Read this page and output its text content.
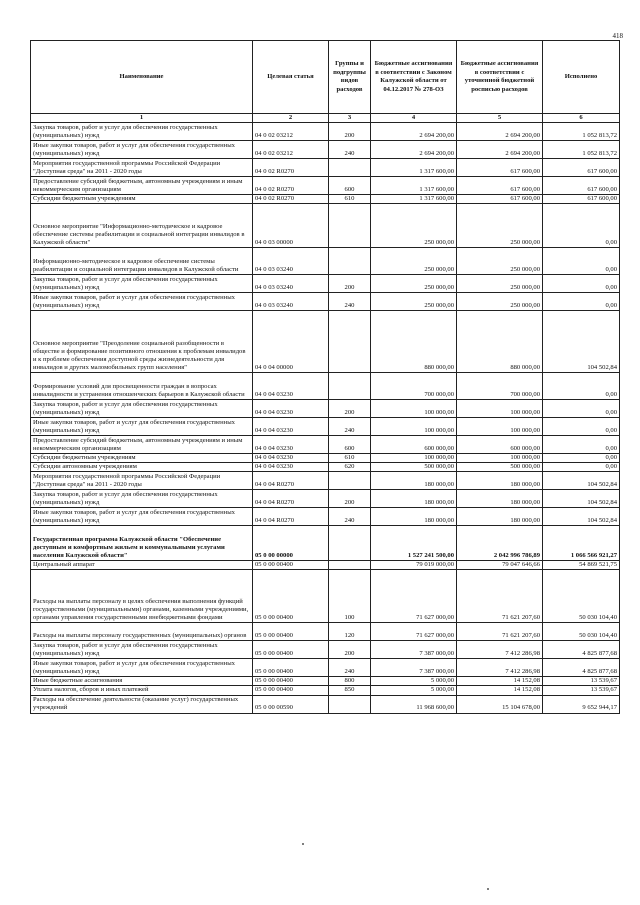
418
Наименование	Целевая статья	Группы и подгруппы видов расходов	Бюджетные ассигнования в соответствии с Законом Калужской области от 04.12.2017 № 278-ОЗ	Бюджетные ассигнования в соответствии с уточненной бюджетной росписью расходов	Исполнено
1	2	3	4	5	6
Закупка товаров, работ и услуг для обеспечения государственных (муниципальных) нужд	04 0 02 03212	200	2 694 200,00	2 694 200,00	1 052 813,72
Иные закупки товаров, работ и услуг для обеспечения государственных (муниципальных) нужд	04 0 02 03212	240	2 694 200,00	2 694 200,00	1 052 813,72
Мероприятия государственной программы Российской Федерации "Доступная среда" на 2011 - 2020 годы	04 0 02 R0270		1 317 600,00	617 600,00	617 600,00
Предоставление субсидий бюджетным, автономным учреждениям и иным некоммерческим организациям	04 0 02 R0270	600	1 317 600,00	617 600,00	617 600,00
Субсидии бюджетным учреждениям	04 0 02 R0270	610	1 317 600,00	617 600,00	617 600,00
Основное мероприятие "Информационно-методическое и кадровое обеспечение системы реабилитации и социальной интеграции инвалидов в Калужской области"	04 0 03 00000		250 000,00	250 000,00	0,00
Информационно-методическое и кадровое обеспечение системы реабилитации и социальной интеграции инвалидов в Калужской области	04 0 03 03240		250 000,00	250 000,00	0,00
Закупка товаров, работ и услуг для обеспечения государственных (муниципальных) нужд	04 0 03 03240	200	250 000,00	250 000,00	0,00
Иные закупки товаров, работ и услуг для обеспечения государственных (муниципальных) нужд	04 0 03 03240	240	250 000,00	250 000,00	0,00
Основное мероприятие "Преодоление социальной разобщенности в обществе и формирование позитивного отношения к проблемам инвалидов и к проблеме обеспечения доступной среды жизнедеятельности для инвалидов и других маломобильных групп населения"	04 0 04 00000		880 000,00	880 000,00	104 502,84
Формирование условий для просвещенности граждан в вопросах инвалидности и устранения отношенческих барьеров в Калужской области	04 0 04 03230		700 000,00	700 000,00	0,00
Закупка товаров, работ и услуг для обеспечения государственных (муниципальных) нужд	04 0 04 03230	200	100 000,00	100 000,00	0,00
Иные закупки товаров, работ и услуг для обеспечения государственных (муниципальных) нужд	04 0 04 03230	240	100 000,00	100 000,00	0,00
Предоставление субсидий бюджетным, автономным учреждениям и иным некоммерческим организациям	04 0 04 03230	600	600 000,00	600 000,00	0,00
Субсидии бюджетным учреждениям	04 0 04 03230	610	100 000,00	100 000,00	0,00
Субсидии автономным учреждениям	04 0 04 03230	620	500 000,00	500 000,00	0,00
Мероприятия государственной программы Российской Федерации "Доступная среда" на 2011 - 2020 годы	04 0 04 R0270		180 000,00	180 000,00	104 502,84
Закупка товаров, работ и услуг для обеспечения государственных (муниципальных) нужд	04 0 04 R0270	200	180 000,00	180 000,00	104 502,84
Иные закупки товаров, работ и услуг для обеспечения государственных (муниципальных) нужд	04 0 04 R0270	240	180 000,00	180 000,00	104 502,84
Государственная программа Калужской области "Обеспечение доступным и комфортным жильем и коммунальными услугами населения Калужской области"	05 0 00 00000		1 527 241 500,00	2 042 996 786,89	1 066 566 921,27
Центральный аппарат	05 0 00 00400		79 019 000,00	79 047 646,66	54 869 521,75
Расходы на выплаты персоналу в целях обеспечения выполнения функций государственными (муниципальными) органами, казенными учреждениями, органами управления государственными внебюджетными фондами	05 0 00 00400	100	71 627 000,00	71 621 207,60	50 030 104,40
Расходы на выплаты персоналу государственных (муниципальных) органов	05 0 00 00400	120	71 627 000,00	71 621 207,60	50 030 104,40
Закупка товаров, работ и услуг для обеспечения государственных (муниципальных) нужд	05 0 00 00400	200	7 387 000,00	7 412 286,98	4 825 877,68
Иные закупки товаров, работ и услуг для обеспечения государственных (муниципальных) нужд	05 0 00 00400	240	7 387 000,00	7 412 286,98	4 825 877,68
Иные бюджетные ассигнования	05 0 00 00400	800	5 000,00	14 152,08	13 539,67
Уплата налогов, сборов и иных платежей	05 0 00 00400	850	5 000,00	14 152,08	13 539,67
Расходы на обеспечение деятельности (оказание услуг) государственных учреждений	05 0 00 00590		11 968 600,00	15 104 678,00	9 652 944,17
